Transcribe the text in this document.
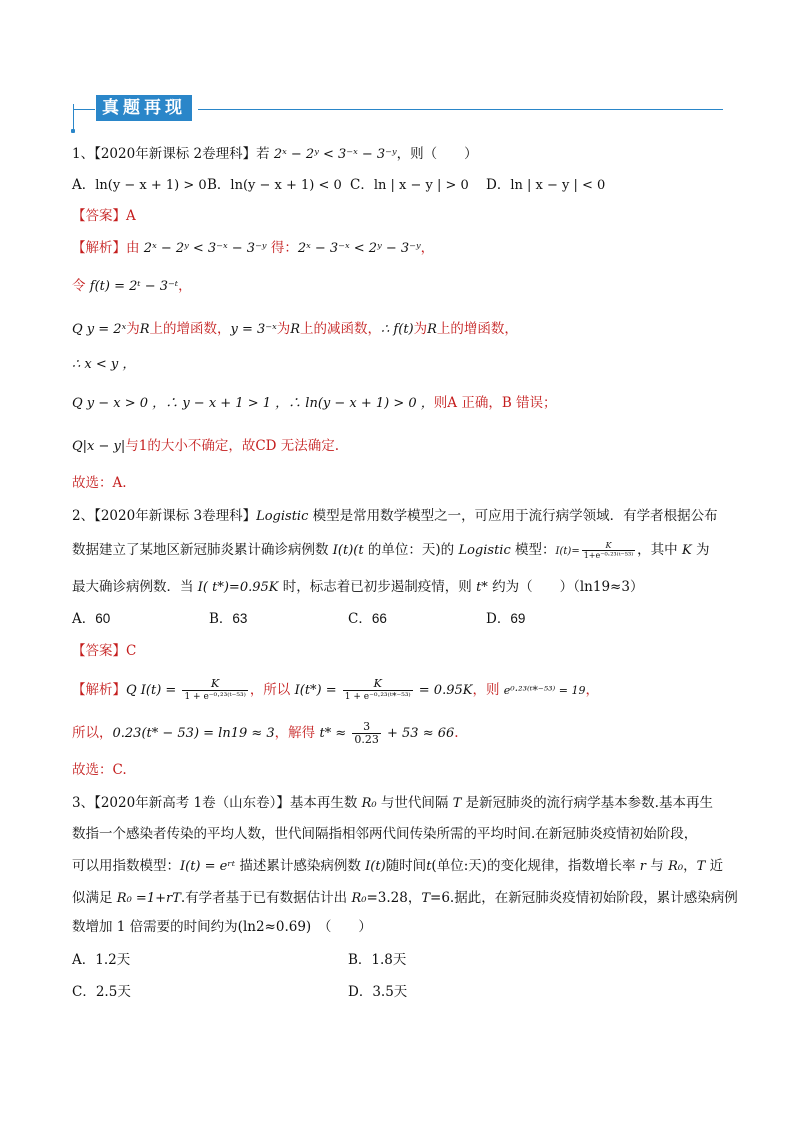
真题再现
1、【2020年新课标 2卷理科】若 2ˣ − 2ʸ < 3⁻ˣ − 3⁻ʸ，则（　　）
A．ln(y − x + 1) > 0 B．ln(y − x + 1) < 0 C．ln | x − y | > 0 D．ln | x − y | < 0
【答案】A
【解析】由 2ˣ − 2ʸ < 3⁻ˣ − 3⁻ʸ 得：2ˣ − 3⁻ˣ < 2ʸ − 3⁻ʸ，
令 f(t) = 2ᵗ − 3⁻ᵗ，
Q y = 2ˣ为R上的增函数，y = 3⁻ˣ为R上的减函数，∴ f(t)为R上的增函数，
∴ x < y ，
Q y − x > 0 ，∴ y − x + 1 > 1 ，∴ ln(y − x + 1) > 0 ，则A 正确，B 错误；
Q|x − y|与1的大小不确定，故CD 无法确定.
故选：A.
2、【2020年新课标 3卷理科】Logistic 模型是常用数学模型之一，可应用于流行病学领域．有学者根据公布
数据建立了某地区新冠肺炎累计确诊病例数 I(t)(t 的单位：天)的 Logistic 模型：$I(t)= \frac{K}{\text{1+e⁻⁰·²³⁽ᵗ⁻⁵³⁾}}$ ，其中 K 为
最大确诊病例数．当 I( t*)=0.95K 时，标志着已初步遏制疫情，则 t* 约为（　　）（ln19≈3）
A．60	B．63	C．66	D．69
【答案】C
【解析】Q $I(t) = \frac{K}{\text{1 + e⁻⁰·²³⁽ᵗ⁻⁵³⁾}}$ ，所以 $I(t*) = \frac{K}{\text{1 + e⁻⁰·²³⁽ᵗ*⁻⁵³⁾}} = 0.95K$，则 e⁰·²³⁽ᵗ*⁻⁵³⁾ = 19，
所以，0.23(t* − 53) = ln19 ≈ 3，解得 $t* \approx \frac{3}{0.23} + 53 \approx 66$.
故选：C.
3、【2020年新高考 1卷（山东卷）】基本再生数 R₀ 与世代间隔 T 是新冠肺炎的流行病学基本参数.基本再生
数指一个感染者传染的平均人数，世代间隔指相邻两代间传染所需的平均时间.在新冠肺炎疫情初始阶段，
可以用指数模型：I(t) = eʳᵗ 描述累计感染病例数 I(t)随时间t(单位:天)的变化规律，指数增长率 r 与 R₀，T 近
似满足 R₀ =1+rT.有学者基于已有数据估计出 R₀=3.28，T=6.据此，在新冠肺炎疫情初始阶段，累计感染病例
数增加 1 倍需要的时间约为(ln2≈0.69)　（　　）
A．1.2天	B．1.8天
C．2.5天	D．3.5天
